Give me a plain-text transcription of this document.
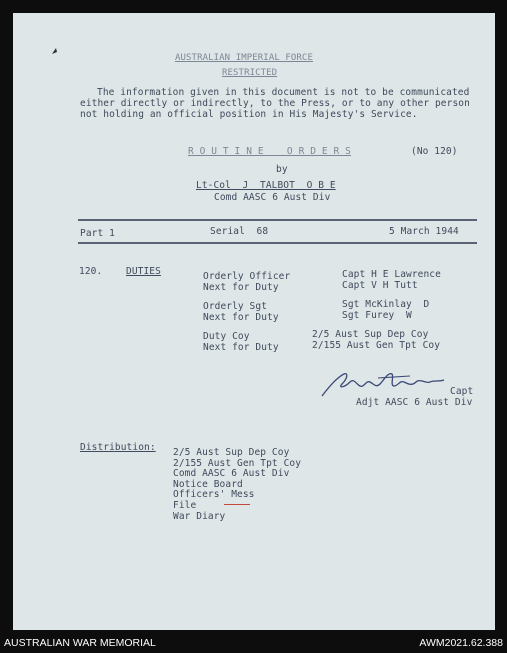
AUSTRALIAN IMPERIAL FORCE
RESTRICTED
The information given in this document is not to be communicated
either directly or indirectly, to the Press, or to any other person
not holding an official position in His Majesty's Service.
R O U T I N E    O R D E R S	(No 120)
by
Lt-Col  J  TALBOT  O B E
Comd AASC 6 Aust Div
Part 1	Serial  68	5 March 1944
120. DUTIES	Orderly Officer	Capt H E Lawrence
Next for Duty	Capt V H Tutt
Orderly Sgt	Sgt McKinlay  D
Next for Duty	Sgt Furey  W
Duty Coy	2/5 Aust Sup Dep Coy
Next for Duty	2/155 Aust Gen Tpt Coy
Capt
Adjt AASC 6 Aust Div
Distribution: 2/5 Aust Sup Dep Coy
2/155 Aust Gen Tpt Coy
Comd AASC 6 Aust Div
Notice Board
Officers' Mess
File
War Diary
AUSTRALIAN WAR MEMORIAL	AWM2021.62.388
